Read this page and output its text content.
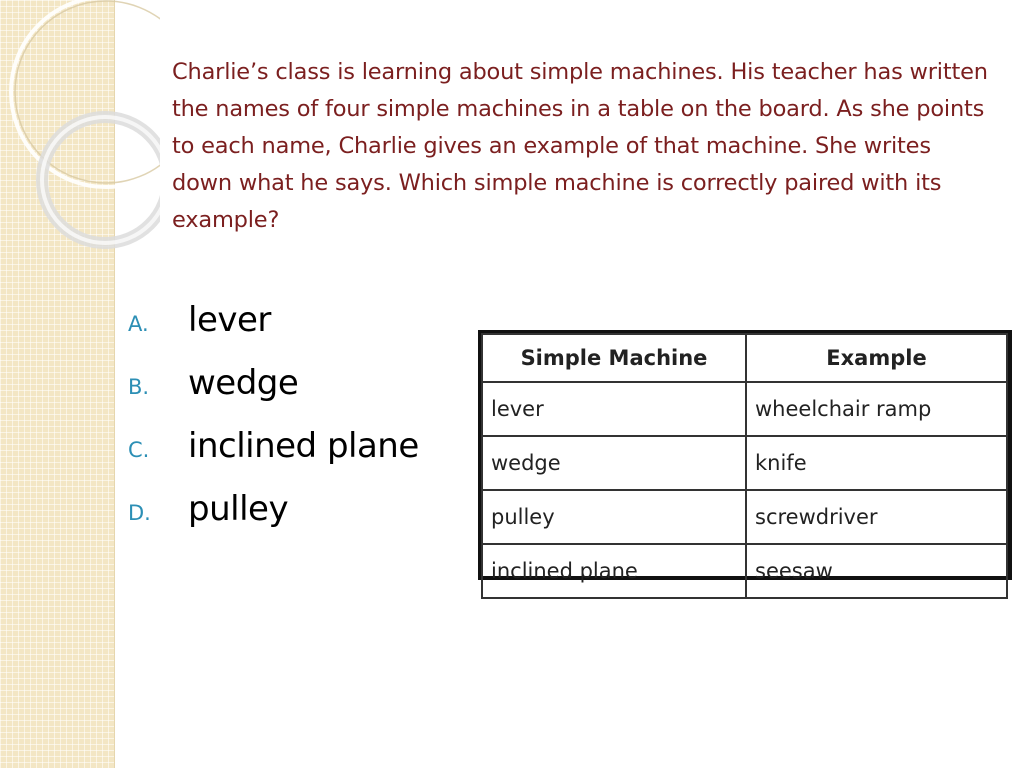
Charlie’s class is learning about simple machines. His teacher has written the names of four simple machines in a table on the board. As she points to each name, Charlie gives an example of that machine. She writes down what he says. Which simple machine is correctly paired with its example?

A.	lever
B.	wedge
C.	inclined plane
D.	pulley
Simple Machine	Example
lever	wheelchair ramp
wedge	knife
pulley	screwdriver
inclined plane	seesaw
